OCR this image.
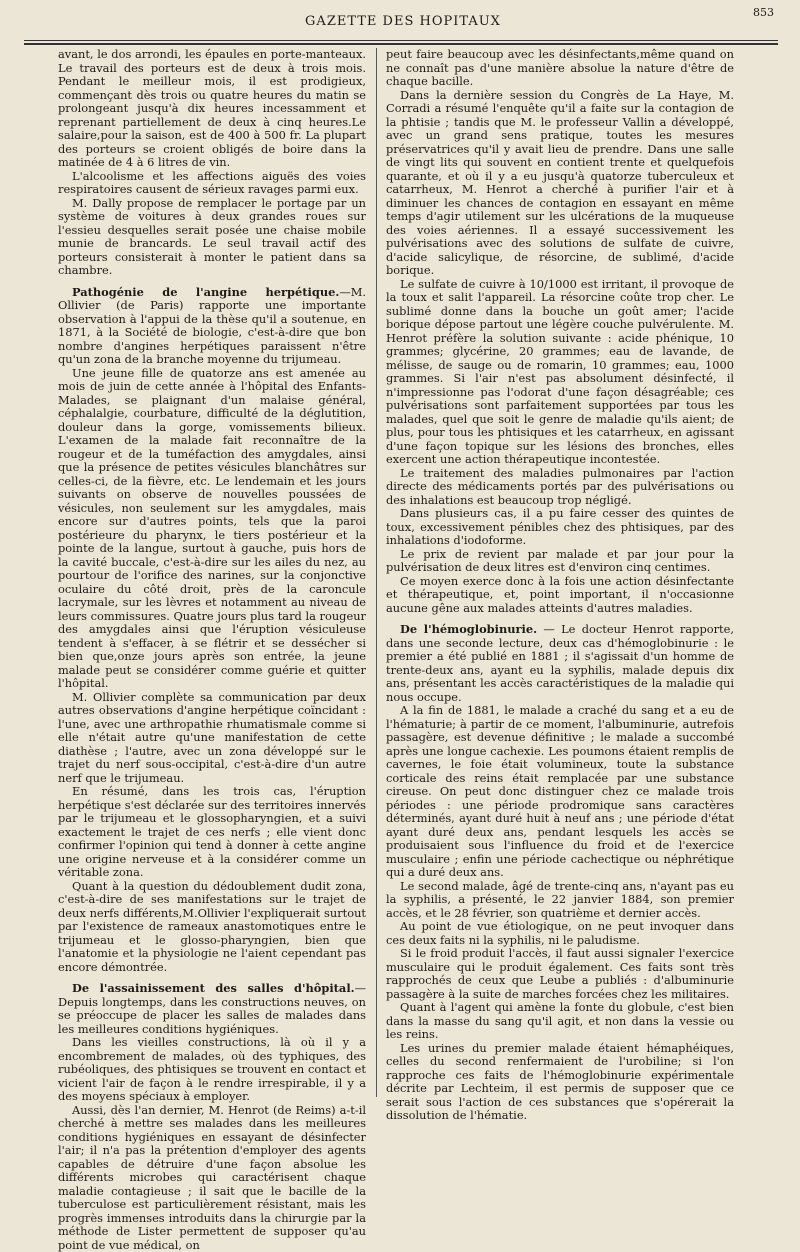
GAZETTE DES HOPITAUX
853

avant, le dos arrondi, les épaules en porte-manteaux. Le travail des porteurs est de deux à trois mois. Pendant le meilleur mois, il est prodigieux, commençant dès trois ou quatre heures du matin se prolongeant jusqu'à dix heures incessamment et reprenant partiellement de deux à cinq heures.Le salaire,pour la saison, est de 400 à 500 fr. La plupart des porteurs se croient obligés de boire dans la matinée de 4 à 6 litres de vin.

L'alcoolisme et les affections aiguës des voies respiratoires causent de sérieux ravages parmi eux.

M. Dally propose de remplacer le portage par un système de voitures à deux grandes roues sur l'essieu desquelles serait posée une chaise mobile munie de brancards. Le seul travail actif des porteurs consisterait à monter le patient dans sa chambre.

Pathogénie de l'angine herpétique.—M. Ollivier (de Paris) rapporte une importante observation à l'appui de la thèse qu'il a soutenue, en 1871, à la Société de biologie, c'est-à-dire que bon nombre d'angines herpétiques paraissent n'être qu'un zona de la branche moyenne du trijumeau.

Une jeune fille de quatorze ans est amenée au mois de juin de cette année à l'hôpital des Enfants-Malades, se plaignant d'un malaise général, céphalalgie, courbature, difficulté de la déglutition, douleur dans la gorge, vomissements bilieux. L'examen de la malade fait reconnaître de la rougeur et de la tuméfaction des amygdales, ainsi que la présence de petites vésicules blanchâtres sur celles-ci, de la fièvre, etc. Le lendemain et les jours suivants on observe de nouvelles poussées de vésicules, non seulement sur les amygdales, mais encore sur d'autres points, tels que la paroi postérieure du pharynx, le tiers postérieur et la pointe de la langue, surtout à gauche, puis hors de la cavité buccale, c'est-à-dire sur les ailes du nez, au pourtour de l'orifice des narines, sur la conjonctive oculaire du côté droit, près de la caroncule lacrymale, sur les lèvres et notamment au niveau de leurs commissures. Quatre jours plus tard la rougeur des amygdales ainsi que l'éruption vésiculeuse tendent à s'effacer, à se flétrir et se dessécher si bien que,onze jours après son entrée, la jeune malade peut se considérer comme guérie et quitter l'hôpital.

M. Ollivier complète sa communication par deux autres observations d'angine herpétique coïncidant : l'une, avec une arthropathie rhumatismale comme si elle n'était autre qu'une manifestation de cette diathèse ; l'autre, avec un zona développé sur le trajet du nerf sous-occipital, c'est-à-dire d'un autre nerf que le trijumeau.

En résumé, dans les trois cas, l'éruption herpétique s'est déclarée sur des territoires innervés par le trijumeau et le glossopharyngien, et a suivi exactement le trajet de ces nerfs ; elle vient donc confirmer l'opinion qui tend à donner à cette angine une origine nerveuse et à la considérer comme un véritable zona.

Quant à la question du dédoublement dudit zona, c'est-à-dire de ses manifestations sur le trajet de deux nerfs différents,M.Ollivier l'expliquerait surtout par l'existence de rameaux anastomotiques entre le trijumeau et le glosso-pharyngien, bien que l'anatomie et la physiologie ne l'aient cependant pas encore démontrée.

De l'assainissement des salles d'hôpital.— Depuis longtemps, dans les constructions neuves, on se préoccupe de placer les salles de malades dans les meilleures conditions hygiéniques.

Dans les vieilles constructions, là où il y a encombrement de malades, où des typhiques, des rubéoliques, des phtisiques se trouvent en contact et vicient l'air de façon à le rendre irrespirable, il y a des moyens spéciaux à employer.

Aussi, dès l'an dernier, M. Henrot (de Reims) a-t-il cherché à mettre ses malades dans les meilleures conditions hygiéniques en essayant de désinfecter l'air; il n'a pas la prétention d'employer des agents capables de détruire d'une façon absolue les différents microbes qui caractérisent chaque maladie contagieuse ; il sait que le bacille de la tuberculose est particulièrement résistant, mais les progrès immenses introduits dans la chirurgie par la méthode de Lister permettent de supposer qu'au point de vue médical, on

peut faire beaucoup avec les désinfectants,même quand on ne connaît pas d'une manière absolue la nature d'être de chaque bacille.

Dans la dernière session du Congrès de La Haye, M. Corradi a résumé l'enquête qu'il a faite sur la contagion de la phtisie ; tandis que M. le professeur Vallin a développé, avec un grand sens pratique, toutes les mesures préservatrices qu'il y avait lieu de prendre. Dans une salle de vingt lits qui souvent en contient trente et quelquefois quarante, et où il y a eu jusqu'à quatorze tuberculeux et catarrheux, M. Henrot a cherché à purifier l'air et à diminuer les chances de contagion en essayant en même temps d'agir utilement sur les ulcérations de la muqueuse des voies aériennes. Il a essayé successivement les pulvérisations avec des solutions de sulfate de cuivre, d'acide salicylique, de résorcine, de sublimé, d'acide borique.

Le sulfate de cuivre à 10/1000 est irritant, il provoque de la toux et salit l'appareil. La résorcine coûte trop cher. Le sublimé donne dans la bouche un goût amer; l'acide borique dépose partout une légère couche pulvérulente. M. Henrot préfère la solution suivante : acide phénique, 10 grammes; glycérine, 20 grammes; eau de lavande, de mélisse, de sauge ou de romarin, 10 grammes; eau, 1000 grammes. Si l'air n'est pas absolument désinfecté, il n'impressionne pas l'odorat d'une façon désagréable; ces pulvérisations sont parfaitement supportées par tous les malades, quel que soit le genre de maladie qu'ils aient; de plus, pour tous les phtisiques et les catarrheux, en agissant d'une façon topique sur les lésions des bronches, elles exercent une action thérapeutique incontestée.

Le traitement des maladies pulmonaires par l'action directe des médicaments portés par des pulvérisations ou des inhalations est beaucoup trop négligé.

Dans plusieurs cas, il a pu faire cesser des quintes de toux, excessivement pénibles chez des phtisiques, par des inhalations d'iodoforme.

Le prix de revient par malade et par jour pour la pulvérisation de deux litres est d'environ cinq centimes.

Ce moyen exerce donc à la fois une action désinfectante et thérapeutique, et, point important, il n'occasionne aucune gêne aux malades atteints d'autres maladies.

De l'hémoglobinurie. — Le docteur Henrot rapporte, dans une seconde lecture, deux cas d'hémoglobinurie : le premier a été publié en 1881 ; il s'agissait d'un homme de trente-deux ans, ayant eu la syphilis, malade depuis dix ans, présentant les accès caractéristiques de la maladie qui nous occupe.

A la fin de 1881, le malade a craché du sang et a eu de l'hématurie; à partir de ce moment, l'albuminurie, autrefois passagère, est devenue définitive ; le malade a succombé après une longue cachexie. Les poumons étaient remplis de cavernes, le foie était volumineux, toute la substance corticale des reins était remplacée par une substance cireuse. On peut donc distinguer chez ce malade trois périodes : une période prodromique sans caractères déterminés, ayant duré huit à neuf ans ; une période d'état ayant duré deux ans, pendant lesquels les accès se produisaient sous l'influence du froid et de l'exercice musculaire ; enfin une période cachectique ou néphrétique qui a duré deux ans.

Le second malade, âgé de trente-cinq ans, n'ayant pas eu la syphilis, a présenté, le 22 janvier 1884, son premier accès, et le 28 février, son quatrième et dernier accès.

Au point de vue étiologique, on ne peut invoquer dans ces deux faits ni la syphilis, ni le paludisme.

Si le froid produit l'accès, il faut aussi signaler l'exercice musculaire qui le produit également. Ces faits sont très rapprochés de ceux que Leube a publiés : d'albuminurie passagère à la suite de marches forcées chez les militaires.

Quant à l'agent qui amène la fonte du globule, c'est bien dans la masse du sang qu'il agit, et non dans la vessie ou les reins.

Les urines du premier malade étaient hémaphéiques, celles du second renfermaient de l'urobiline; si l'on rapproche ces faits de l'hémoglobinurie expérimentale décrite par Lechteim, il est permis de supposer que ce serait sous l'action de ces substances que s'opérerait la dissolution de l'hématie.
